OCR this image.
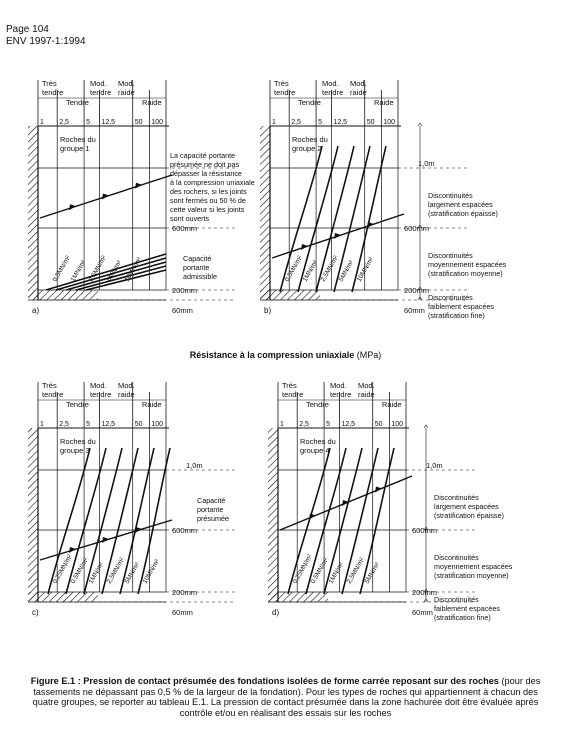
Page 104
ENV 1997-1:1994
Très
tendre
Tendre
Mod.
tendre
Mod.
raide
Raide
1 2,5 5 12,5	50 100
600mm
200mm
60mm
a)
Roches du
groupe 1
0,5MN/m²
1MN/m² 2,5MN/m²
5MN/m² 10MN/m²
Très
tendre
Tendre
Mod.
tendre
Mod.
raide
Raide
1 2,5 5 12,5	50 100
1,0m
600mm
200mm
60mm
b)
Roches du
groupe 2
0,5MN/m²
1MN/m² 2,5MN/m²
5MN/m² 10MN/m²
Discontinuités
largement espacées
(stratification épaisse)
Discontinuités
moyennement espacées
(stratification moyenne)
Discontinuités
faiblement espacées
(stratification fine)
Très
tendre
Tendre
Mod.
tendre
Mod.
raide
Raide
1 2,5 5 12,5	50 100
1,0m
600mm
200mm
60mm
c)
Roches du
groupe 3
0,25MN/m²
0,5MN/m²
1MN/m² 2,5MN/m²
5MN/m² 10MN/m²
Très
tendre
Tendre
Mod.
tendre
Mod.
raide
Raide
1 2,5 5 12,5	50 100
1,0m
600mm
200mm
60mm
d)
Roches du
groupe 4
0,25MN/m²
0,5MN/m²
1MN/m² 2,5MN/m²
5MN/m²
Discontinuités
largement espacées
(stratification épaisse)
Discontinuités
moyennement espacées
(stratification moyenne)
Discontinuités
faiblement espacées
(stratification fine)
La capacité portante
présumée ne doit pas
dépasser la résistance
à la compression uniaxiale
des rochers, si les joints
sont fermés ou 50 % de
cette valeur si les joints
sont ouverts
Capacité
portante
admissible
Capacité
portante
présumée
Résistance à la compression uniaxiale (MPa)
Figure E.1 : Pression de contact présumée des fondations isolées de forme carrée reposant sur des roches (pour des tassements ne dépassant pas 0,5 % de la largeur de la fondation). Pour les types de roches qui appartiennent à chacun des quatre groupes, se reporter au tableau E.1. La pression de contact présumée dans la zone hachurée doit être évaluée après contrôle et/ou en réalisant des essais sur les roches
